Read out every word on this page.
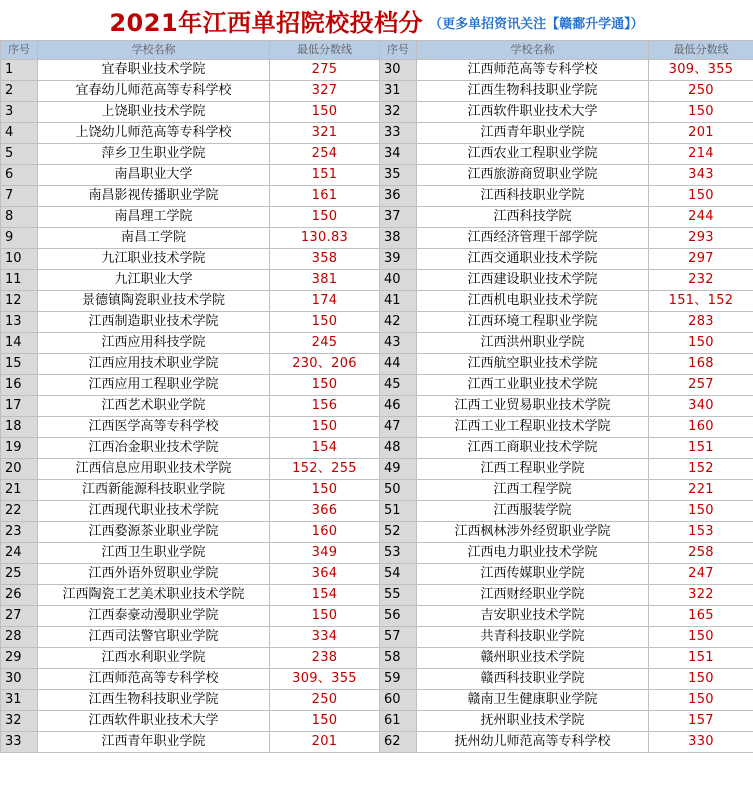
2021年江西单招院校投档分 （更多单招资讯关注【赣鄱升学通】）
序号	学校名称	最低分数线	序号	学校名称	最低分数线
1	宜春职业技术学院	275	30	江西师范高等专科学校	309、355
2	宜春幼儿师范高等专科学校	327	31	江西生物科技职业学院	250
3	上饶职业技术学院	150	32	江西软件职业技术大学	150
4	上饶幼儿师范高等专科学校	321	33	江西青年职业学院	201
5	萍乡卫生职业学院	254	34	江西农业工程职业学院	214
6	南昌职业大学	151	35	江西旅游商贸职业学院	343
7	南昌影视传播职业学院	161	36	江西科技职业学院	150
8	南昌理工学院	150	37	江西科技学院	244
9	南昌工学院	130.83	38	江西经济管理干部学院	293
10	九江职业技术学院	358	39	江西交通职业技术学院	297
11	九江职业大学	381	40	江西建设职业技术学院	232
12	景德镇陶瓷职业技术学院	174	41	江西机电职业技术学院	151、152
13	江西制造职业技术学院	150	42	江西环境工程职业学院	283
14	江西应用科技学院	245	43	江西洪州职业学院	150
15	江西应用技术职业学院	230、206	44	江西航空职业技术学院	168
16	江西应用工程职业学院	150	45	江西工业职业技术学院	257
17	江西艺术职业学院	156	46	江西工业贸易职业技术学院	340
18	江西医学高等专科学校	150	47	江西工业工程职业技术学院	160
19	江西冶金职业技术学院	154	48	江西工商职业技术学院	151
20	江西信息应用职业技术学院	152、255	49	江西工程职业学院	152
21	江西新能源科技职业学院	150	50	江西工程学院	221
22	江西现代职业技术学院	366	51	江西服装学院	150
23	江西婺源茶业职业学院	160	52	江西枫林涉外经贸职业学院	153
24	江西卫生职业学院	349	53	江西电力职业技术学院	258
25	江西外语外贸职业学院	364	54	江西传媒职业学院	247
26	江西陶瓷工艺美术职业技术学院	154	55	江西财经职业学院	322
27	江西泰豪动漫职业学院	150	56	吉安职业技术学院	165
28	江西司法警官职业学院	334	57	共青科技职业学院	150
29	江西水利职业学院	238	58	赣州职业技术学院	151
30	江西师范高等专科学校	309、355	59	赣西科技职业学院	150
31	江西生物科技职业学院	250	60	赣南卫生健康职业学院	150
32	江西软件职业技术大学	150	61	抚州职业技术学院	157
33	江西青年职业学院	201	62	抚州幼儿师范高等专科学校	330
